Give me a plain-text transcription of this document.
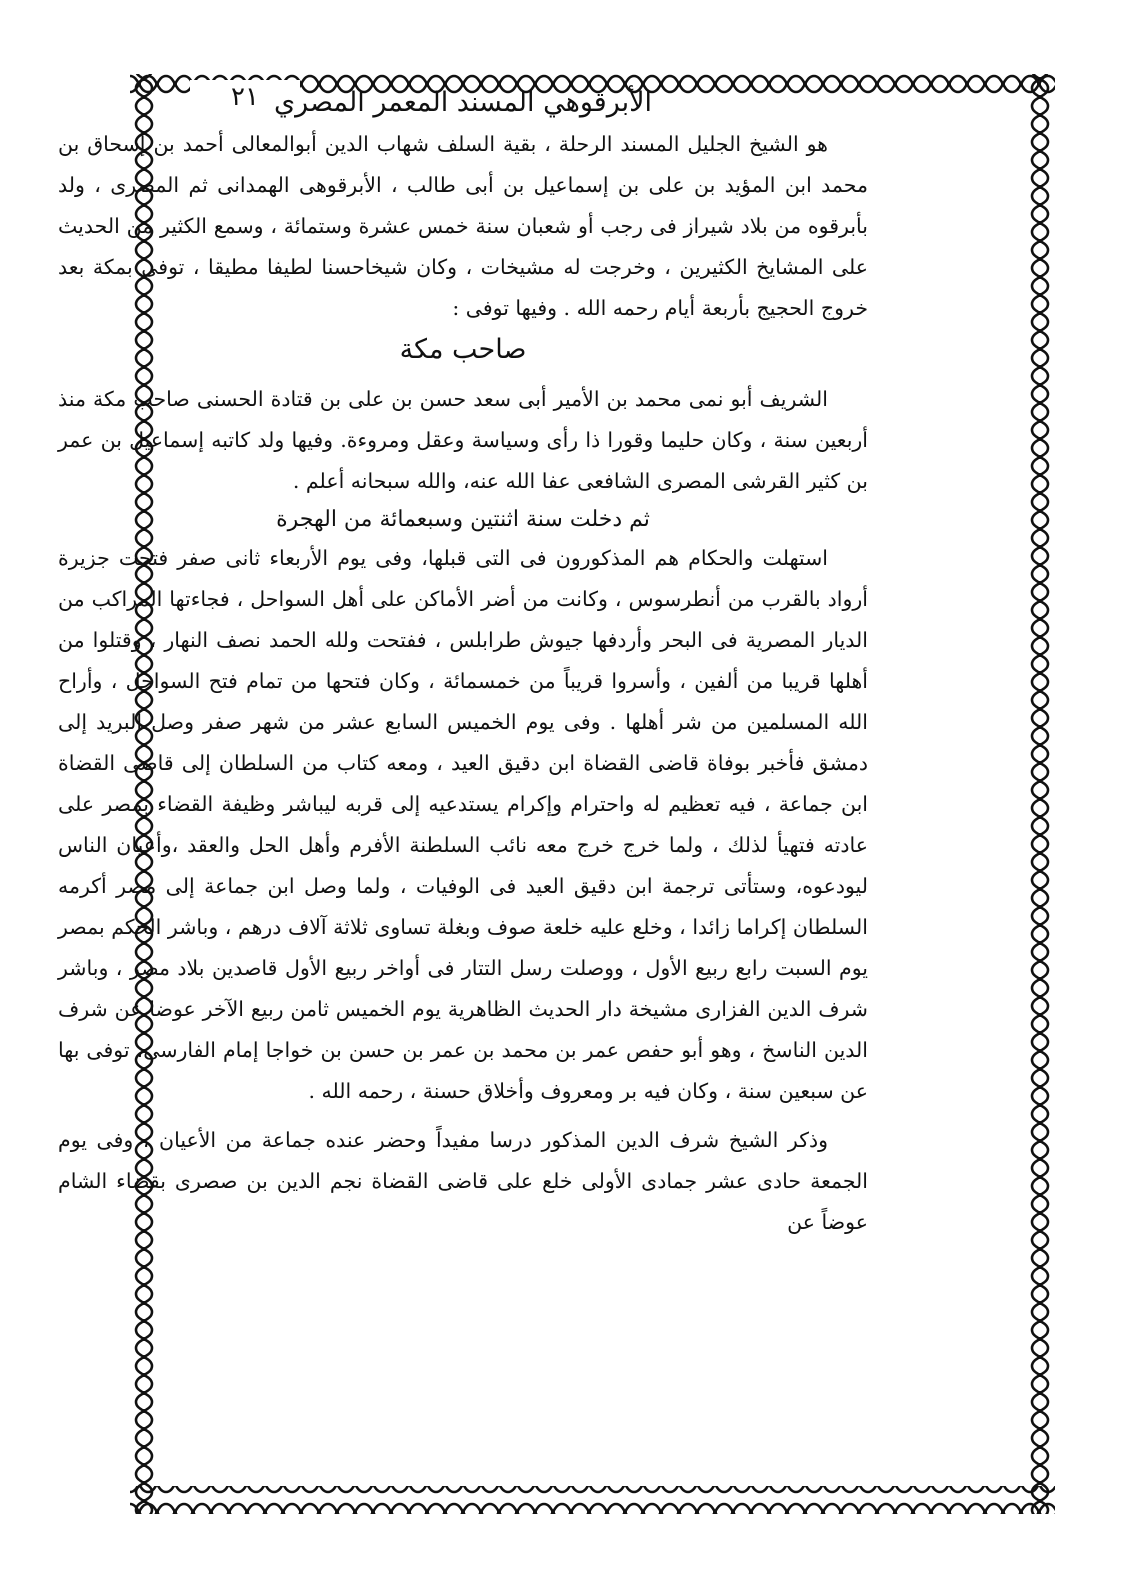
٢١ الأبرقوهي المسند المعمر المصري

هو الشيخ الجليل المسند الرحلة ، بقية السلف شهاب الدين أبوالمعالى أحمد بن إسحاق بن محمد ابن المؤيد بن على بن إسماعيل بن أبى طالب ، الأبرقوهى الهمدانى ثم المصرى ، ولد بأبرقوه من بلاد شيراز فى رجب أو شعبان سنة خمس عشرة وستمائة ، وسمع الكثير من الحديث على المشايخ الكثيرين ، وخرجت له مشيخات ، وكان شيخاحسنا لطيفا مطيقا ، توفى بمكة بعد خروج الحجيج بأربعة أيام رحمه الله . وفيها توفى :

صاحب مكة

الشريف أبو نمى محمد بن الأمير أبى سعد حسن بن على بن قتادة الحسنى صاحب مكة منذ أربعين سنة ، وكان حليما وقورا ذا رأى وسياسة وعقل ومروءة. وفيها ولد كاتبه إسماعيل بن عمر بن كثير القرشى المصرى الشافعى عفا الله عنه، والله سبحانه أعلم .

ثم دخلت سنة اثنتين وسبعمائة من الهجرة

استهلت والحكام هم المذكورون فى التى قبلها، وفى يوم الأربعاء ثانى صفر فتحت جزيرة أرواد بالقرب من أنطرسوس ، وكانت من أضر الأماكن على أهل السواحل ، فجاءتها المراكب من الديار المصرية فى البحر وأردفها جيوش طرابلس ، ففتحت ولله الحمد نصف النهار ، وقتلوا من أهلها قريبا من ألفين ، وأسروا قريباً من خمسمائة ، وكان فتحها من تمام فتح السواحل ، وأراح الله المسلمين من شر أهلها . وفى يوم الخميس السابع عشر من شهر صفر وصل البريد إلى دمشق فأخبر بوفاة قاضى القضاة ابن دقيق العيد ، ومعه كتاب من السلطان إلى قاضى القضاة ابن جماعة ، فيه تعظيم له واحترام وإكرام يستدعيه إلى قربه ليباشر وظيفة القضاء بمصر على عادته فتهيأ لذلك ، ولما خرج خرج معه نائب السلطنة الأفرم وأهل الحل والعقد ،وأعيان الناس ليودعوه، وستأتى ترجمة ابن دقيق العيد فى الوفيات ، ولما وصل ابن جماعة إلى مصر أكرمه السلطان إكراما زائدا ، وخلع عليه خلعة صوف وبغلة تساوى ثلاثة آلاف درهم ، وباشر الحكم بمصر يوم السبت رابع ربيع الأول ، ووصلت رسل التتار فى أواخر ربيع الأول قاصدين بلاد مصر ، وباشر شرف الدين الفزارى مشيخة دار الحديث الظاهرية يوم الخميس ثامن ربيع الآخر عوضا عن شرف الدين الناسخ ، وهو أبو حفص عمر بن محمد بن عمر بن حسن بن خواجا إمام الفارسى، توفى بها عن سبعين سنة ، وكان فيه بر ومعروف وأخلاق حسنة ، رحمه الله .

وذكر الشيخ شرف الدين المذكور درسا مفيداً وحضر عنده جماعة من الأعيان ، وفى يوم الجمعة حادى عشر جمادى الأولى خلع على قاضى القضاة نجم الدين بن صصرى بقضاء الشام عوضاً عن
